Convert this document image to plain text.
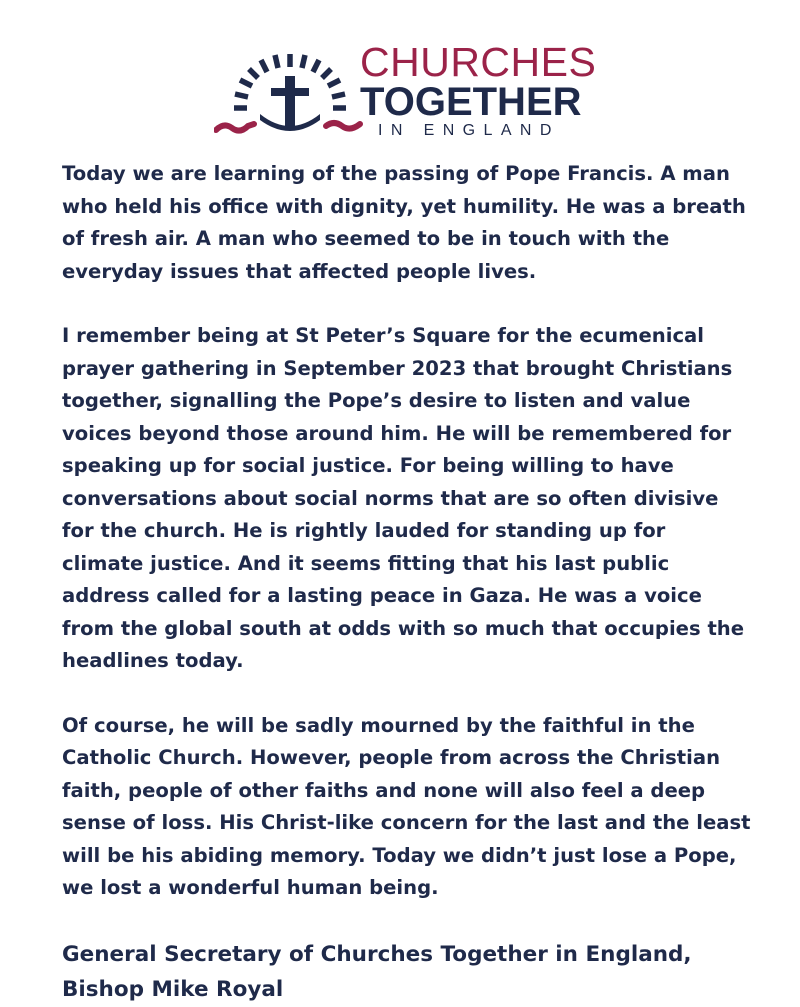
CHURCHES
TOGETHER
IN ENGLAND

Today we are learning of the passing of Pope Francis. A man who held his office with dignity, yet humility. He was a breath of fresh air. A man who seemed to be in touch with the everyday issues that affected people lives.

I remember being at St Peter’s Square for the ecumenical prayer gathering in September 2023 that brought Christians together, signalling the Pope’s desire to listen and value voices beyond those around him. He will be remembered for speaking up for social justice. For being willing to have conversations about social norms that are so often divisive for the church. He is rightly lauded for standing up for climate justice. And it seems fitting that his last public address called for a lasting peace in Gaza. He was a voice from the global south at odds with so much that occupies the headlines today.

Of course, he will be sadly mourned by the faithful in the Catholic Church. However, people from across the Christian faith, people of other faiths and none will also feel a deep sense of loss. His Christ-like concern for the last and the least will be his abiding memory. Today we didn’t just lose a Pope, we lost a wonderful human being.

General Secretary of Churches Together in England,
Bishop Mike Royal
